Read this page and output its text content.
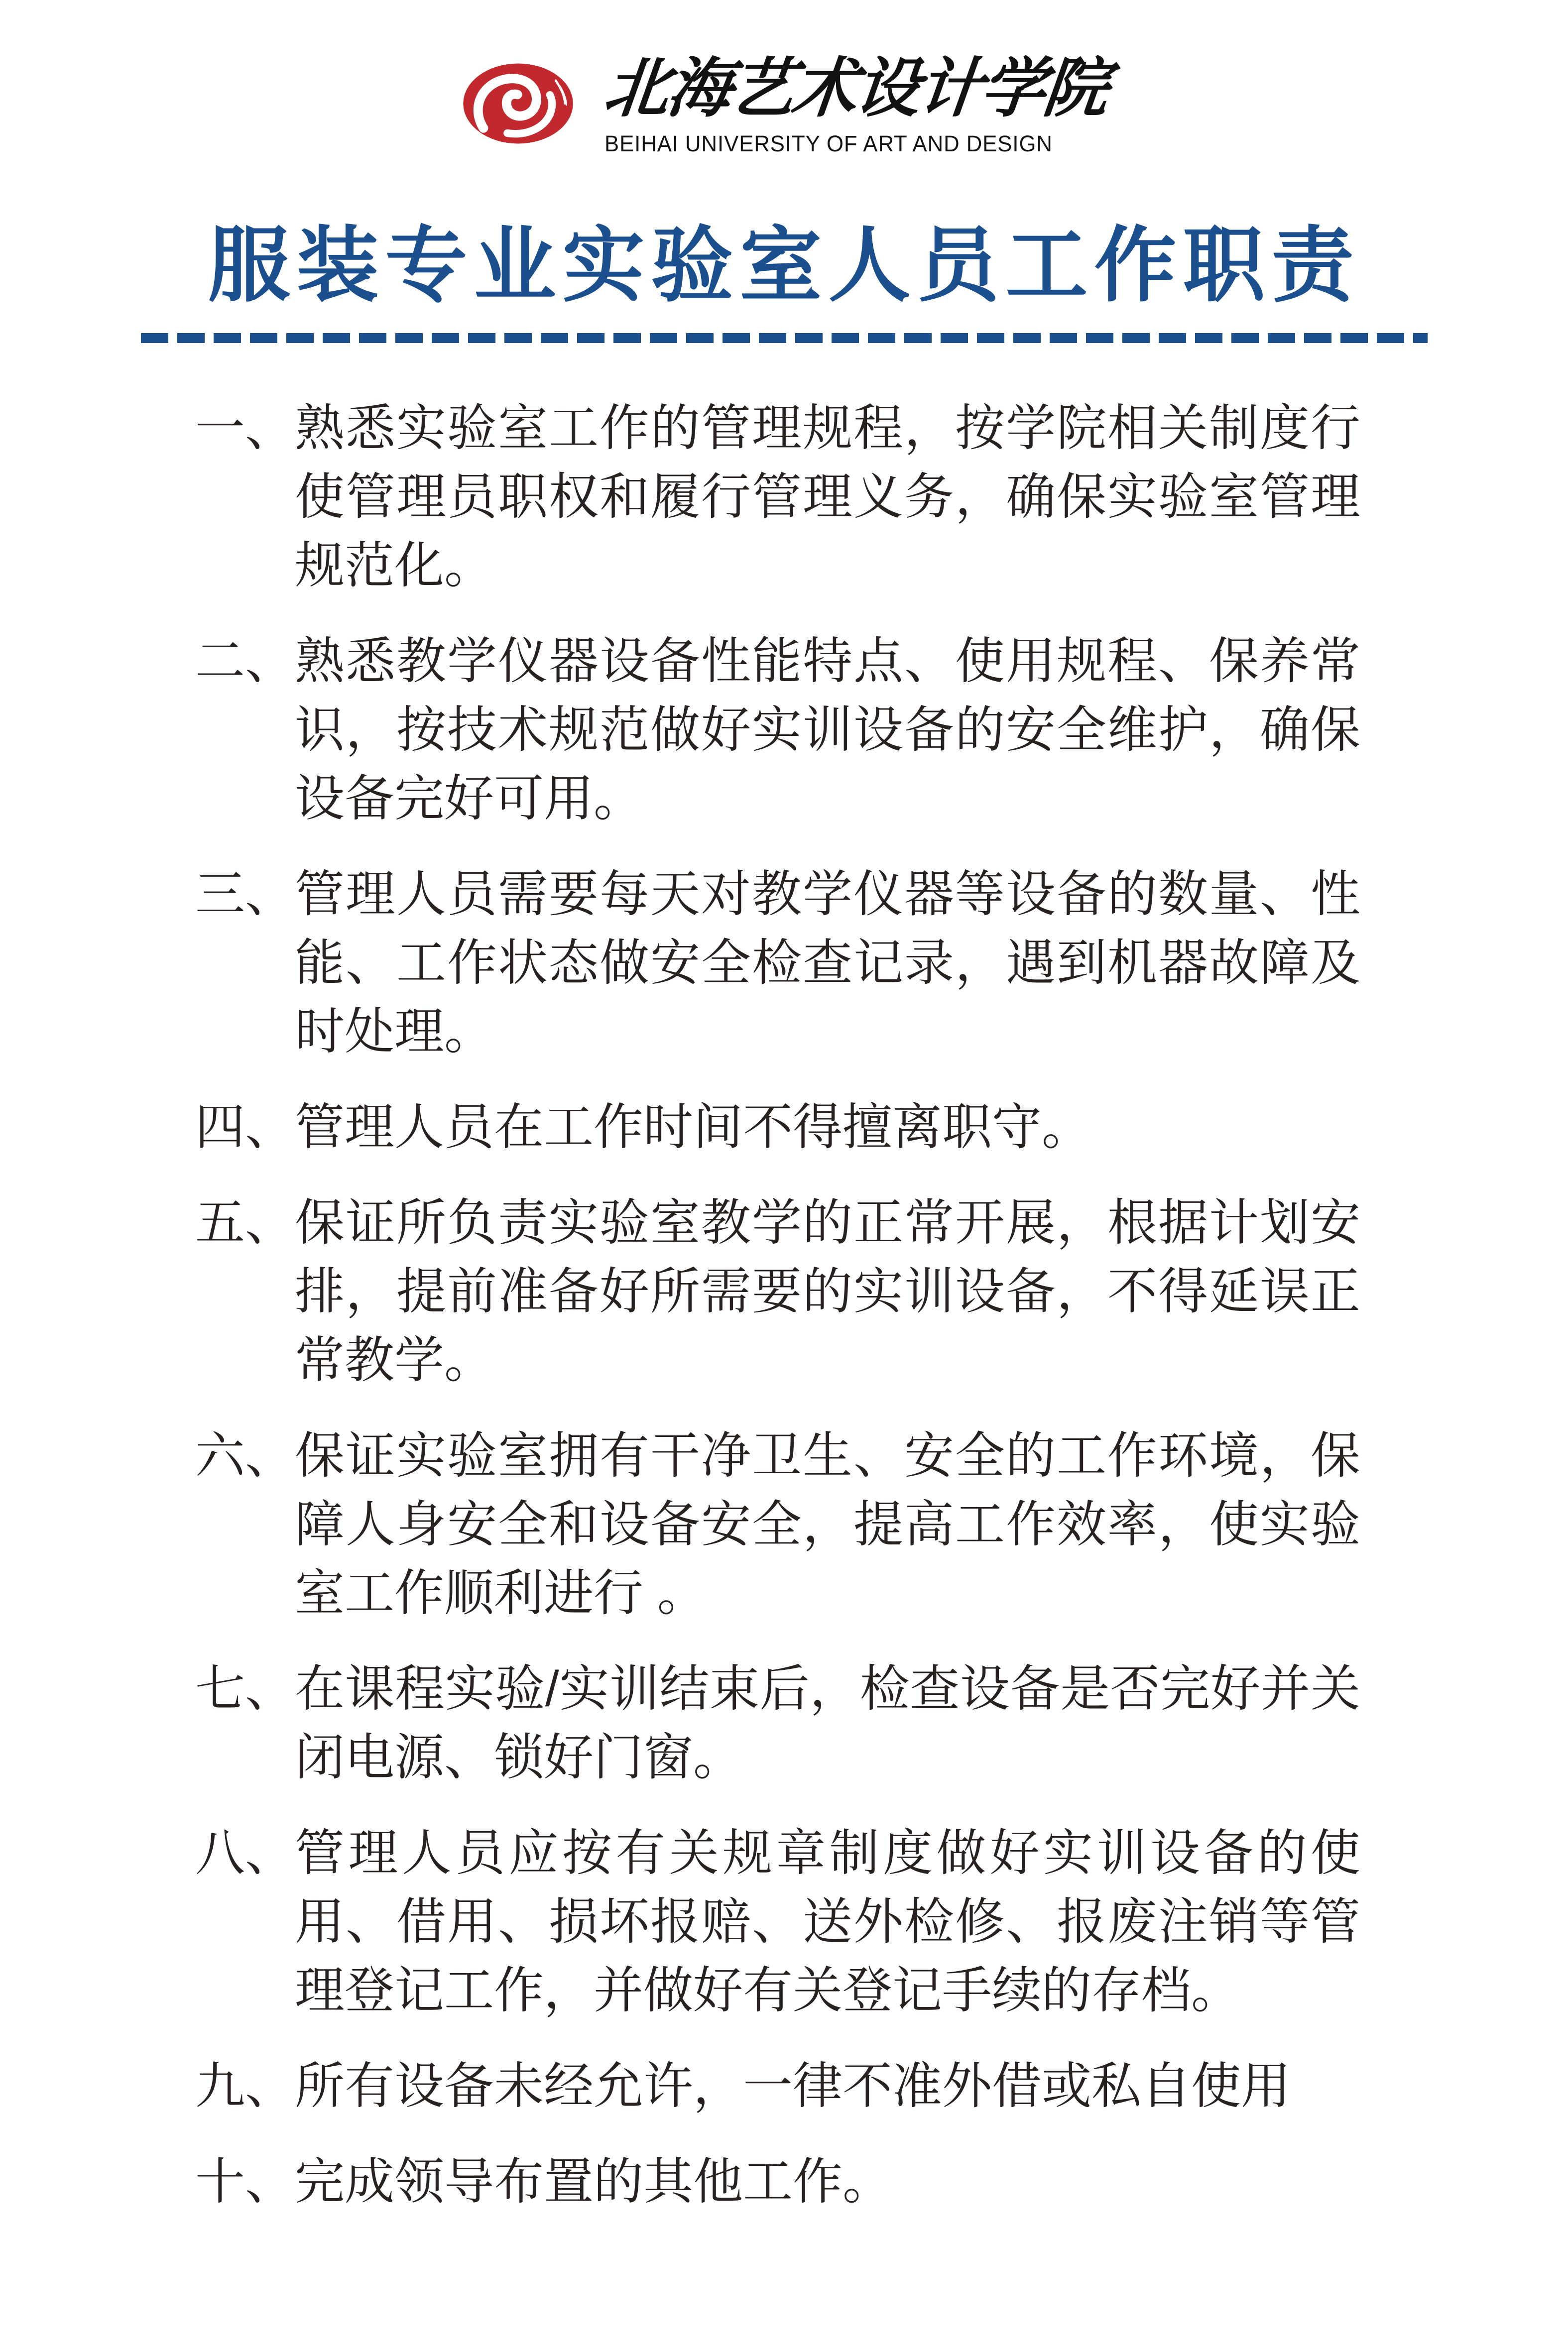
北海艺术设计学院
BEIHAI UNIVERSITY OF ART AND DESIGN
服装专业实验室人员工作职责
一、 熟悉实验室工作的管理规程，按学院相关制度行使管理员职权和履行管理义务，确保实验室管理规范化。
二、 熟悉教学仪器设备性能特点、使用规程、保养常识，按技术规范做好实训设备的安全维护，确保设备完好可用。
三、 管理人员需要每天对教学仪器等设备的数量、性能、工作状态做安全检查记录，遇到机器故障及时处理。
四、 管理人员在工作时间不得擅离职守。
五、 保证所负责实验室教学的正常开展，根据计划安排，提前准备好所需要的实训设备，不得延误正常教学。
六、 保证实验室拥有干净卫生、安全的工作环境，保障人身安全和设备安全，提高工作效率，使实验室工作顺利进行 。
七、 在课程实验/实训结束后，检查设备是否完好并关闭电源、锁好门窗。
八、 管理人员应按有关规章制度做好实训设备的使用、借用、损坏报赔、送外检修、报废注销等管理登记工作，并做好有关登记手续的存档。
九、 所有设备未经允许，一律不准外借或私自使用
十、 完成领导布置的其他工作。
